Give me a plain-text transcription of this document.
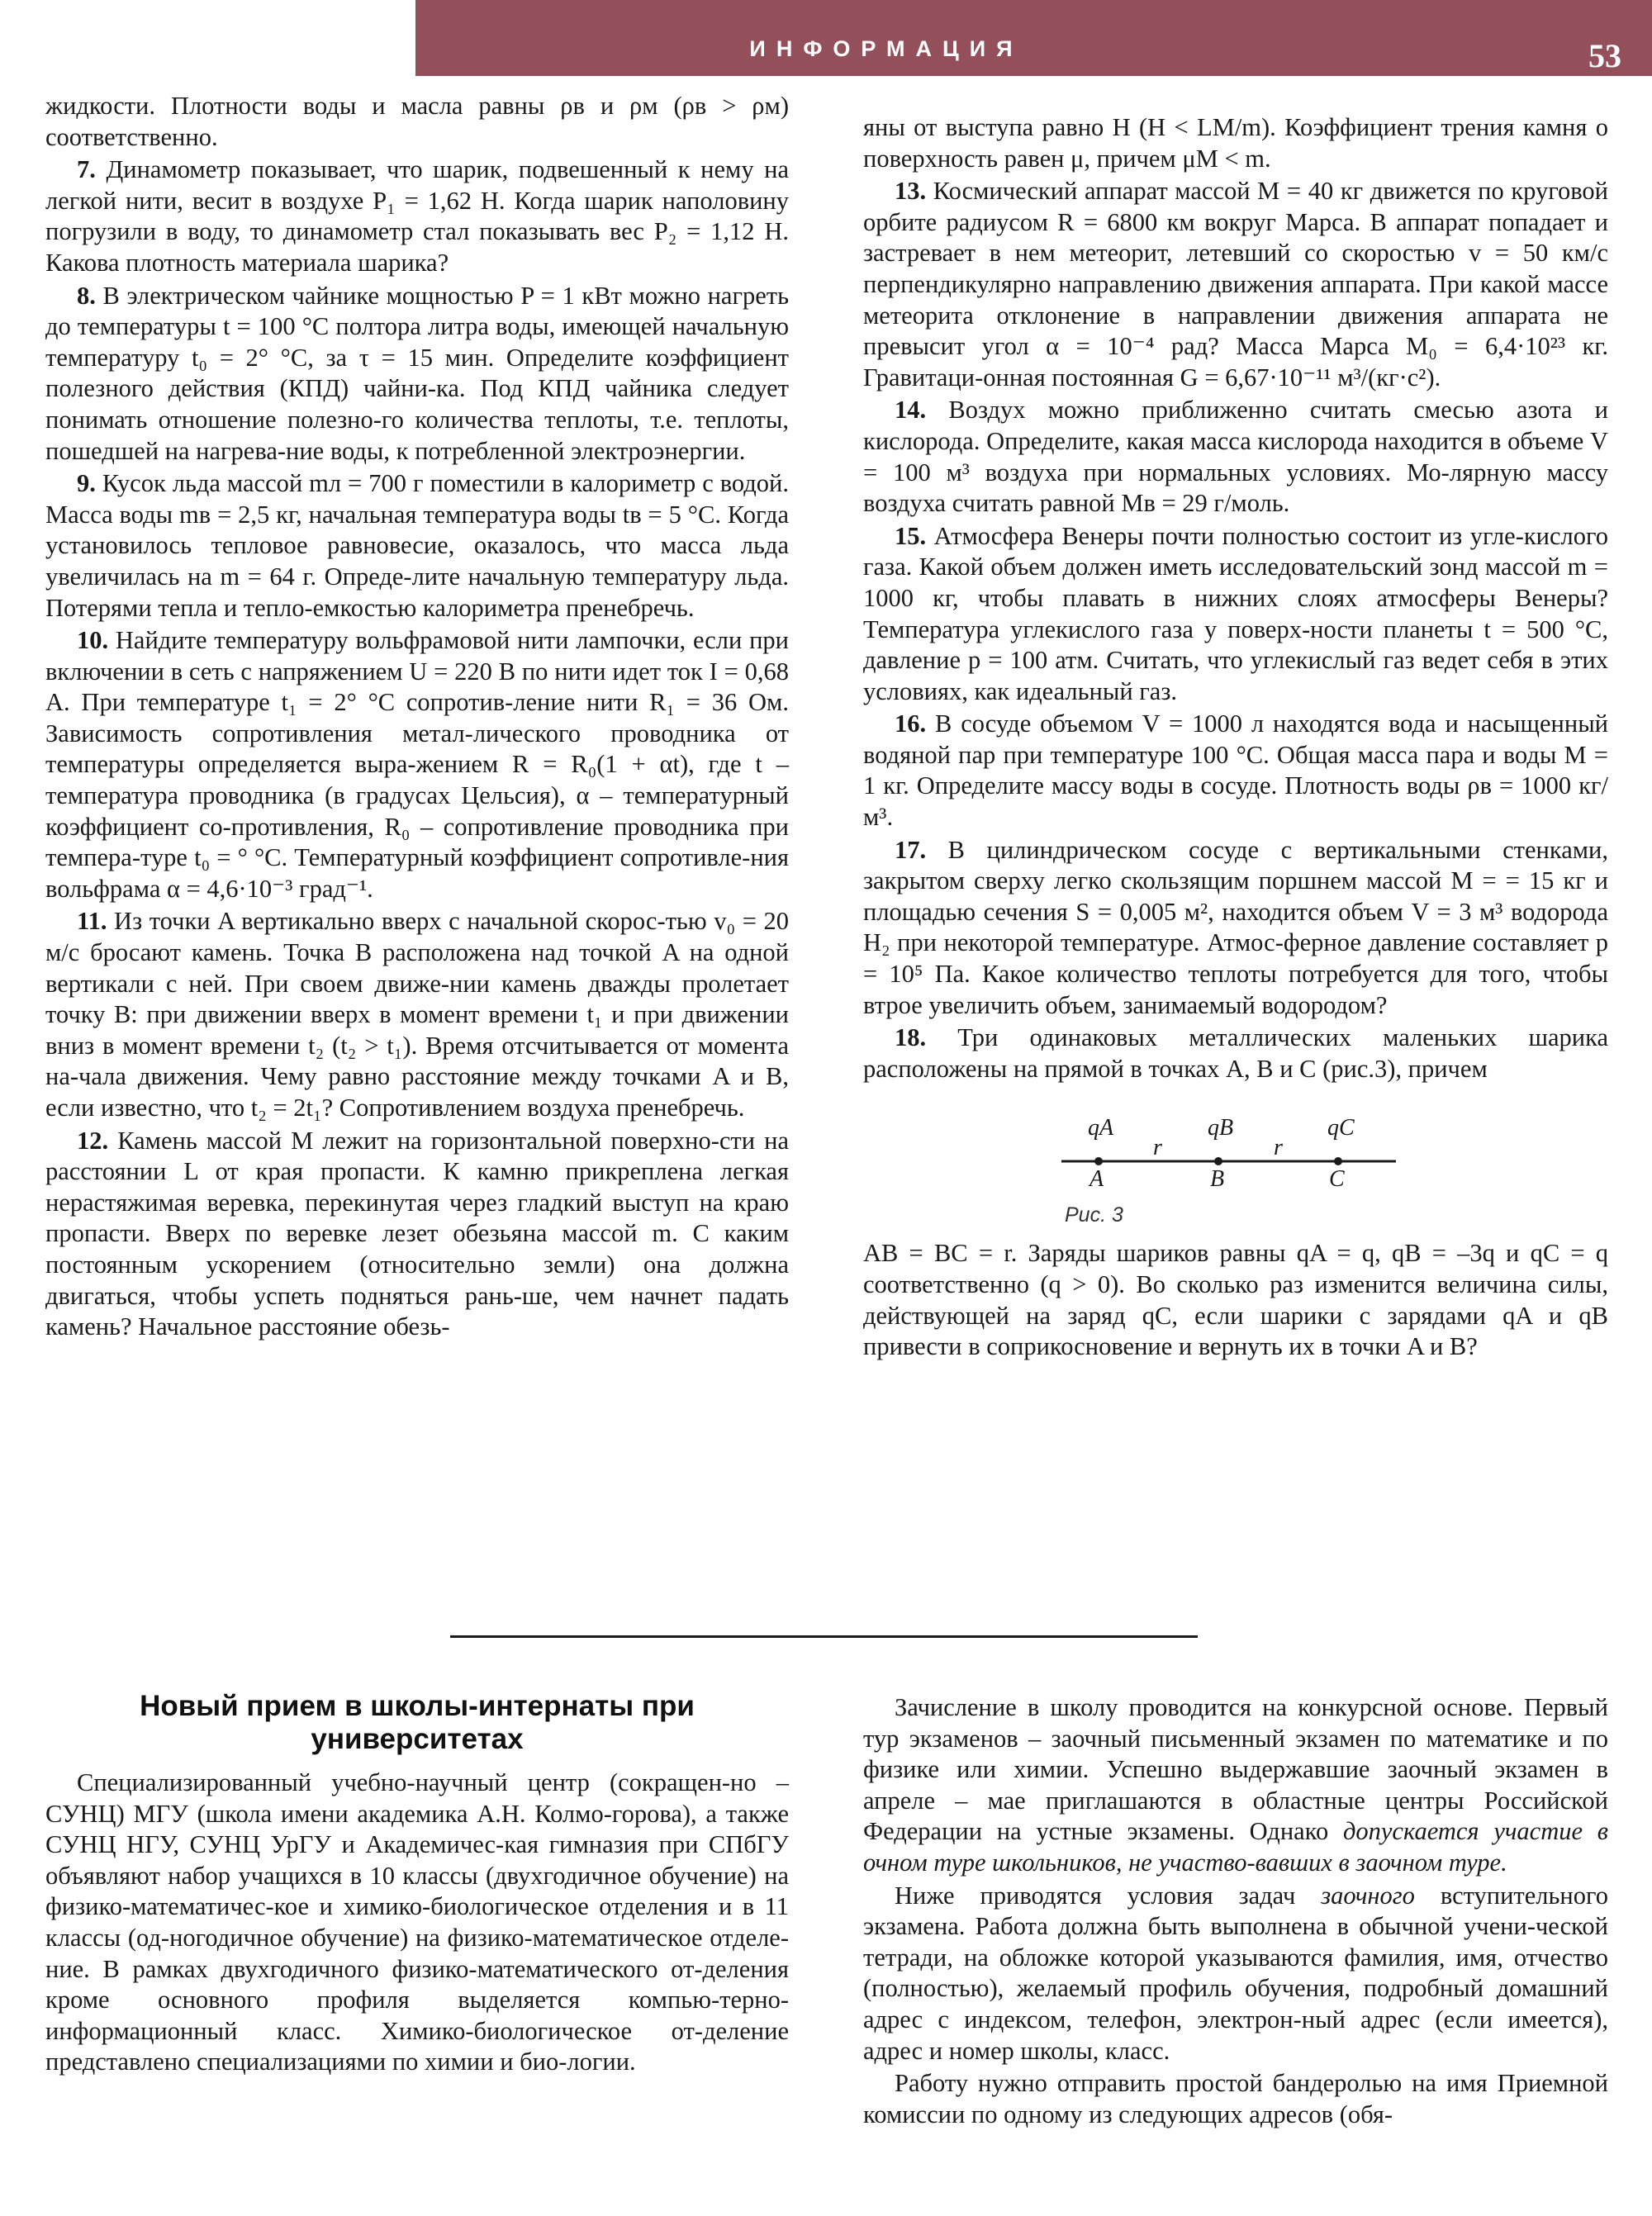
ИНФОРМАЦИЯ	53

жидкости. Плотности воды и масла равны ρв и ρм (ρв > ρм) соответственно.

7. Динамометр показывает, что шарик, подвешенный к нему на легкой нити, весит в воздухе P₁ = 1,62 Н. Когда шарик наполовину погрузили в воду, то динамометр стал показывать вес P₂ = 1,12 Н. Какова плотность материала шарика?

8. В электрическом чайнике мощностью P = 1 кВт можно нагреть до температуры t = 100 °С полтора литра воды, имеющей начальную температуру t₀ = 2° °С, за τ = 15 мин. Определите коэффициент полезного действия (КПД) чайни-ка. Под КПД чайника следует понимать отношение полезно-го количества теплоты, т.е. теплоты, пошедшей на нагрева-ние воды, к потребленной электроэнергии.

9. Кусок льда массой mл = 700 г поместили в калориметр с водой. Масса воды mв = 2,5 кг, начальная температура воды tв = 5 °С. Когда установилось тепловое равновесие, оказалось, что масса льда увеличилась на m = 64 г. Опреде-лите начальную температуру льда. Потерями тепла и тепло-емкостью калориметра пренебречь.

10. Найдите температуру вольфрамовой нити лампочки, если при включении в сеть с напряжением U = 220 В по нити идет ток I = 0,68 А. При температуре t₁ = 2° °С сопротив-ление нити R₁ = 36 Ом. Зависимость сопротивления метал-лического проводника от температуры определяется выра-жением R = R₀(1 + αt), где t – температура проводника (в градусах Цельсия), α – температурный коэффициент со-противления, R₀ – сопротивление проводника при темпера-туре t₀ = ° °С. Температурный коэффициент сопротивле-ния вольфрама α = 4,6·10⁻³ град⁻¹.

11. Из точки A вертикально вверх с начальной скорос-тью v₀ = 20 м/с бросают камень. Точка B расположена над точкой A на одной вертикали с ней. При своем движе-нии камень дважды пролетает точку B: при движении вверх в момент времени t₁ и при движении вниз в момент времени t₂ (t₂ > t₁). Время отсчитывается от момента на-чала движения. Чему равно расстояние между точками A и B, если известно, что t₂ = 2t₁? Сопротивлением воздуха пренебречь.

12. Камень массой M лежит на горизонтальной поверхно-сти на расстоянии L от края пропасти. К камню прикреплена легкая нерастяжимая веревка, перекинутая через гладкий выступ на краю пропасти. Вверх по веревке лезет обезьяна массой m. С каким постоянным ускорением (относительно земли) она должна двигаться, чтобы успеть подняться рань-ше, чем начнет падать камень? Начальное расстояние обезь-

яны от выступа равно H (H < LM/m). Коэффициент трения камня о поверхность равен μ, причем μM < m.

13. Космический аппарат массой M = 40 кг движется по круговой орбите радиусом R = 6800 км вокруг Марса. В аппарат попадает и застревает в нем метеорит, летевший со скоростью v = 50 км/с перпендикулярно направлению движения аппарата. При какой массе метеорита отклонение в направлении движения аппарата не превысит угол α = 10⁻⁴ рад? Масса Марса M₀ = 6,4·10²³ кг. Гравитаци-онная постоянная G = 6,67·10⁻¹¹ м³/(кг·с²).

14. Воздух можно приближенно считать смесью азота и кислорода. Определите, какая масса кислорода находится в объеме V = 100 м³ воздуха при нормальных условиях. Мо-лярную массу воздуха считать равной Mв = 29 г/моль.

15. Атмосфера Венеры почти полностью состоит из угле-кислого газа. Какой объем должен иметь исследовательский зонд массой m = 1000 кг, чтобы плавать в нижних слоях атмосферы Венеры? Температура углекислого газа у поверх-ности планеты t = 500 °С, давление p = 100 атм. Считать, что углекислый газ ведет себя в этих условиях, как идеальный газ.

16. В сосуде объемом V = 1000 л находятся вода и насыщенный водяной пар при температуре 100 °С. Общая масса пара и воды M = 1 кг. Определите массу воды в сосуде. Плотность воды ρв = 1000 кг/м³.

17. В цилиндрическом сосуде с вертикальными стенками, закрытом сверху легко скользящим поршнем массой M = = 15 кг и площадью сечения S = 0,005 м², находится объем V = 3 м³ водорода H₂ при некоторой температуре. Атмос-ферное давление составляет p = 10⁵ Па. Какое количество теплоты потребуется для того, чтобы втрое увеличить объем, занимаемый водородом?

18. Три одинаковых металлических маленьких шарика расположены на прямой в точках A, B и C (рис.3), причем

qA	qB	qC
r	r
A	B	C
Рис. 3

AB = BC = r. Заряды шариков равны qA = q, qB = –3q и qC = q соответственно (q > 0). Во сколько раз изменится величина силы, действующей на заряд qC, если шарики с зарядами qA и qB привести в соприкосновение и вернуть их в точки A и B?

Новый прием в школы-интернаты при университетах

Специализированный учебно-научный центр (сокращен-но – СУНЦ) МГУ (школа имени академика А.Н. Колмо-горова), а также СУНЦ НГУ, СУНЦ УрГУ и Академичес-кая гимназия при СПбГУ объявляют набор учащихся в 10 классы (двухгодичное обучение) на физико-математичес-кое и химико-биологическое отделения и в 11 классы (од-ногодичное обучение) на физико-математическое отделе-ние. В рамках двухгодичного физико-математического от-деления кроме основного профиля выделяется компью-терно-информационный класс. Химико-биологическое от-деление представлено специализациями по химии и био-логии.

Зачисление в школу проводится на конкурсной основе. Первый тур экзаменов – заочный письменный экзамен по математике и по физике или химии. Успешно выдержавшие заочный экзамен в апреле – мае приглашаются в областные центры Российской Федерации на устные экзамены. Однако допускается участие в очном туре школьников, не участво-вавших в заочном туре.

Ниже приводятся условия задач заочного вступительного экзамена. Работа должна быть выполнена в обычной учени-ческой тетради, на обложке которой указываются фамилия, имя, отчество (полностью), желаемый профиль обучения, подробный домашний адрес с индексом, телефон, электрон-ный адрес (если имеется), адрес и номер школы, класс.

Работу нужно отправить простой бандеролью на имя Приемной комиссии по одному из следующих адресов (обя-
